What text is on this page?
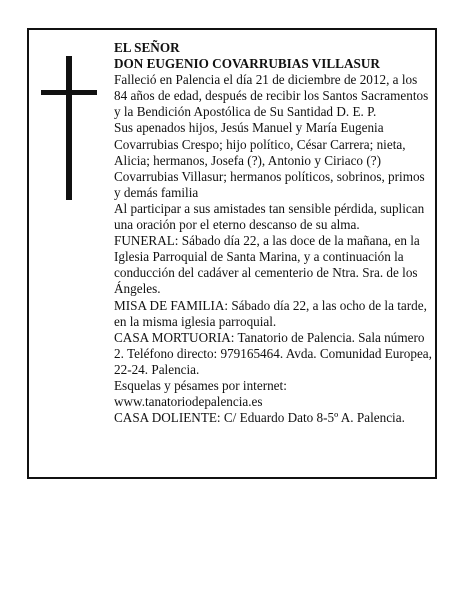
EL SEÑOR

DON EUGENIO COVARRUBIAS VILLASUR

Falleció en Palencia el día 21 de diciembre de 2012, a los 84 años de edad, después de recibir los Santos Sacramentos y la Bendición Apostólica de Su Santidad D. E. P.

Sus apenados hijos, Jesús Manuel y María Eugenia Covarrubias Crespo; hijo político, César Carrera; nieta, Alicia; hermanos, Josefa (?), Antonio y Ciriaco (?) Covarrubias Villasur; hermanos políticos, sobrinos, primos y demás familia

Al participar a sus amistades tan sensible pérdida, suplican una oración por el eterno descanso de su alma.

FUNERAL: Sábado día 22, a las doce de la mañana, en la Iglesia Parroquial de Santa Marina, y a continuación la conducción del cadáver al cementerio de Ntra. Sra. de los Ángeles.

MISA DE FAMILIA: Sábado día 22, a las ocho de la tarde, en la misma iglesia parroquial.

CASA MORTUORIA: Tanatorio de Palencia. Sala número 2. Teléfono directo: 979165464. Avda. Comunidad Europea, 22-24. Palencia.

Esquelas y pésames por internet: www.tanatoriodepalencia.es

CASA DOLIENTE: C/ Eduardo Dato 8-5º A. Palencia.
